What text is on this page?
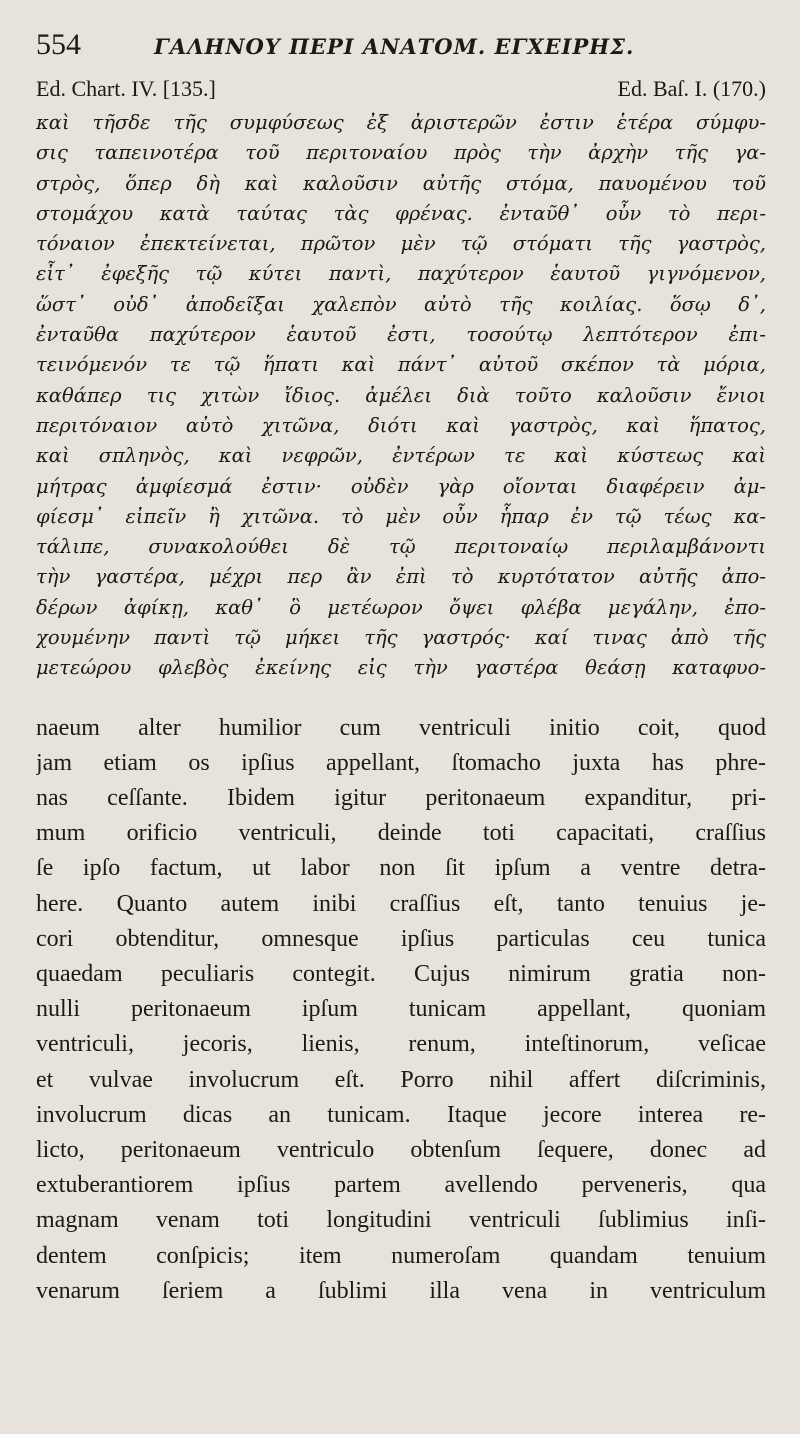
554	ΓΑΛΗΝΟΥ ΠΕΡΙ ΑΝΑΤΟΜ. ΕΓΧΕΙΡΗΣ.
Ed. Chart. IV. [135.]	Ed. Baſ. I. (170.)
καὶ τῆσδε τῆς συμφύσεως ἐξ ἀριστερῶν ἐστιν ἑτέρα σύμφυ-
σις ταπεινοτέρα τοῦ περιτοναίου πρὸς τὴν ἀρχὴν τῆς γα-
στρὸς, ὅπερ δὴ καὶ καλοῦσιν αὐτῆς στόμα, παυομένου τοῦ
στομάχου κατὰ ταύτας τὰς φρένας. ἐνταῦθ᾽ οὖν τὸ περι-
τόναιον ἐπεκτείνεται, πρῶτον μὲν τῷ στόματι τῆς γαστρὸς,
εἶτ᾽ ἐφεξῆς τῷ κύτει παντὶ, παχύτερον ἑαυτοῦ γιγνόμενον,
ὥστ᾽ οὐδ᾽ ἀποδεῖξαι χαλεπὸν αὐτὸ τῆς κοιλίας. ὅσῳ δ᾽,
ἐνταῦθα παχύτερον ἑαυτοῦ ἐστι, τοσούτῳ λεπτότερον ἐπι-
τεινόμενόν τε τῷ ἥπατι καὶ πάντ᾽ αὐτοῦ σκέπον τὰ μόρια,
καθάπερ τις χιτὼν ἴδιος. ἀμέλει διὰ τοῦτο καλοῦσιν ἔνιοι
περιτόναιον αὐτὸ χιτῶνα, διότι καὶ γαστρὸς, καὶ ἥπατος,
καὶ σπληνὸς, καὶ νεφρῶν, ἐντέρων τε καὶ κύστεως καὶ
μήτρας ἀμφίεσμά ἐστιν· οὐδὲν γὰρ οἴονται διαφέρειν ἀμ-
φίεσμ᾽ εἰπεῖν ἢ χιτῶνα. τὸ μὲν οὖν ἧπαρ ἐν τῷ τέως κα-
τάλιπε, συνακολούθει δὲ τῷ περιτοναίῳ περιλαμβάνοντι
τὴν γαστέρα, μέχρι περ ἂν ἐπὶ τὸ κυρτότατον αὐτῆς ἀπο-
δέρων ἀφίκῃ, καθ᾽ ὃ μετέωρον ὄψει φλέβα μεγάλην, ἐπο-
χουμένην παντὶ τῷ μήκει τῆς γαστρός· καί τινας ἀπὸ τῆς
μετεώρου φλεβὸς ἐκείνης εἰς τὴν γαστέρα θεάσῃ καταφυο-
naeum alter humilior cum ventriculi initio coit, quod
jam etiam os ipſius appellant, ſtomacho juxta has phre-
nas ceſſante. Ibidem igitur peritonaeum expanditur, pri-
mum orificio ventriculi, deinde toti capacitati, craſſius
ſe ipſo factum, ut labor non ſit ipſum a ventre detra-
here. Quanto autem inibi craſſius eſt, tanto tenuius je-
cori obtenditur, omnesque ipſius particulas ceu tunica
quaedam peculiaris contegit. Cujus nimirum gratia non-
nulli peritonaeum ipſum tunicam appellant, quoniam
ventriculi, jecoris, lienis, renum, inteſtinorum, veſicae
et vulvae involucrum eſt. Porro nihil affert diſcriminis,
involucrum dicas an tunicam. Itaque jecore interea re-
licto, peritonaeum ventriculo obtenſum ſequere, donec ad
extuberantiorem ipſius partem avellendo perveneris, qua
magnam venam toti longitudini ventriculi ſublimius inſi-
dentem conſpicis; item numeroſam quandam tenuium
venarum ſeriem a ſublimi illa vena in ventriculum
